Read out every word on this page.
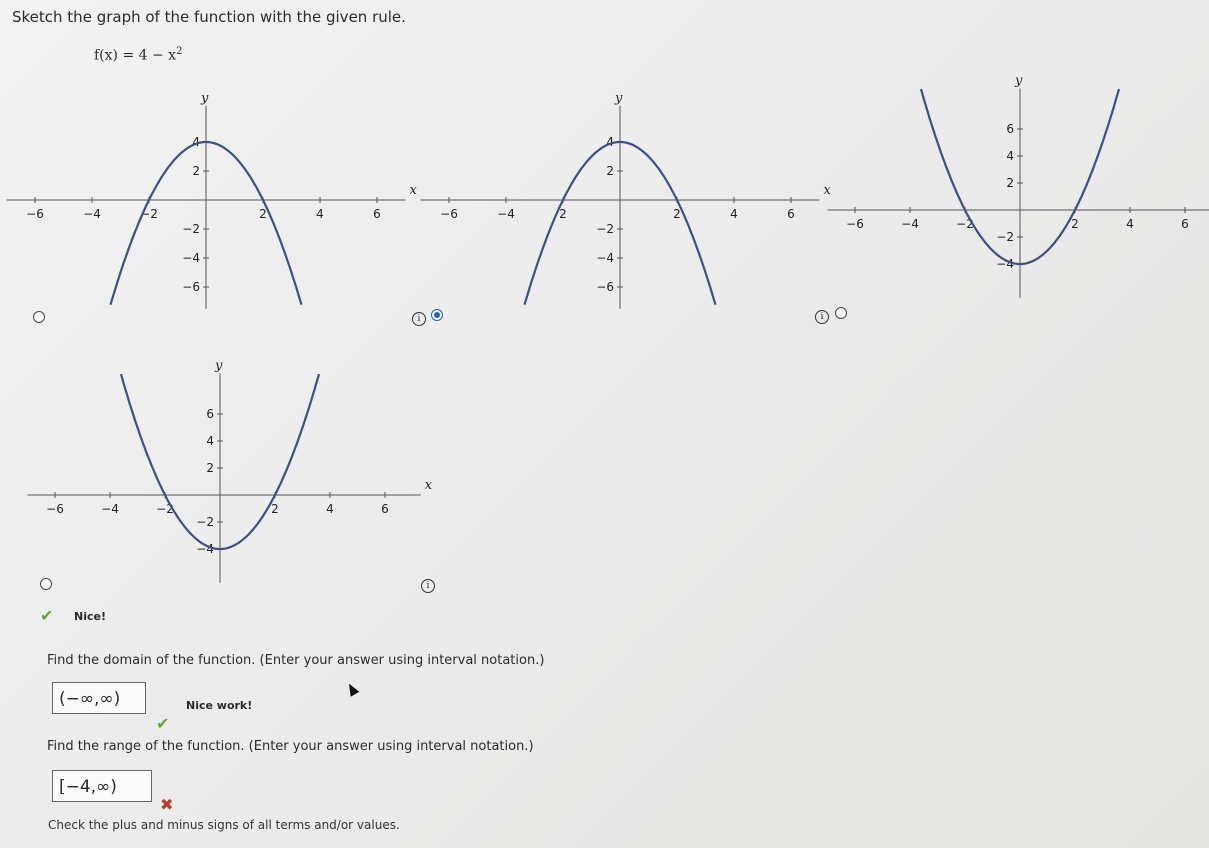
Sketch the graph of the function with the given rule.
$f(x) = 4 - x^2$
x
y
−6	−4	−2	2	4	6
4
2
−2
−4
−6
i
x
y
−6	−4	2	2	4	6
4
2
−2
−4
−6
i
y
−6	−4	−2	2	4	6
6
4
2
−2
−4
x
y
−6	−4	−2	2	4	6
6
4
2
−2
−4
i
✔ Nice!
Find the domain of the function. (Enter your answer using interval notation.)
(−∞,∞)	Nice work!
✔
Find the range of the function. (Enter your answer using interval notation.)
[−4,∞)
✖
Check the plus and minus signs of all terms and/or values.
